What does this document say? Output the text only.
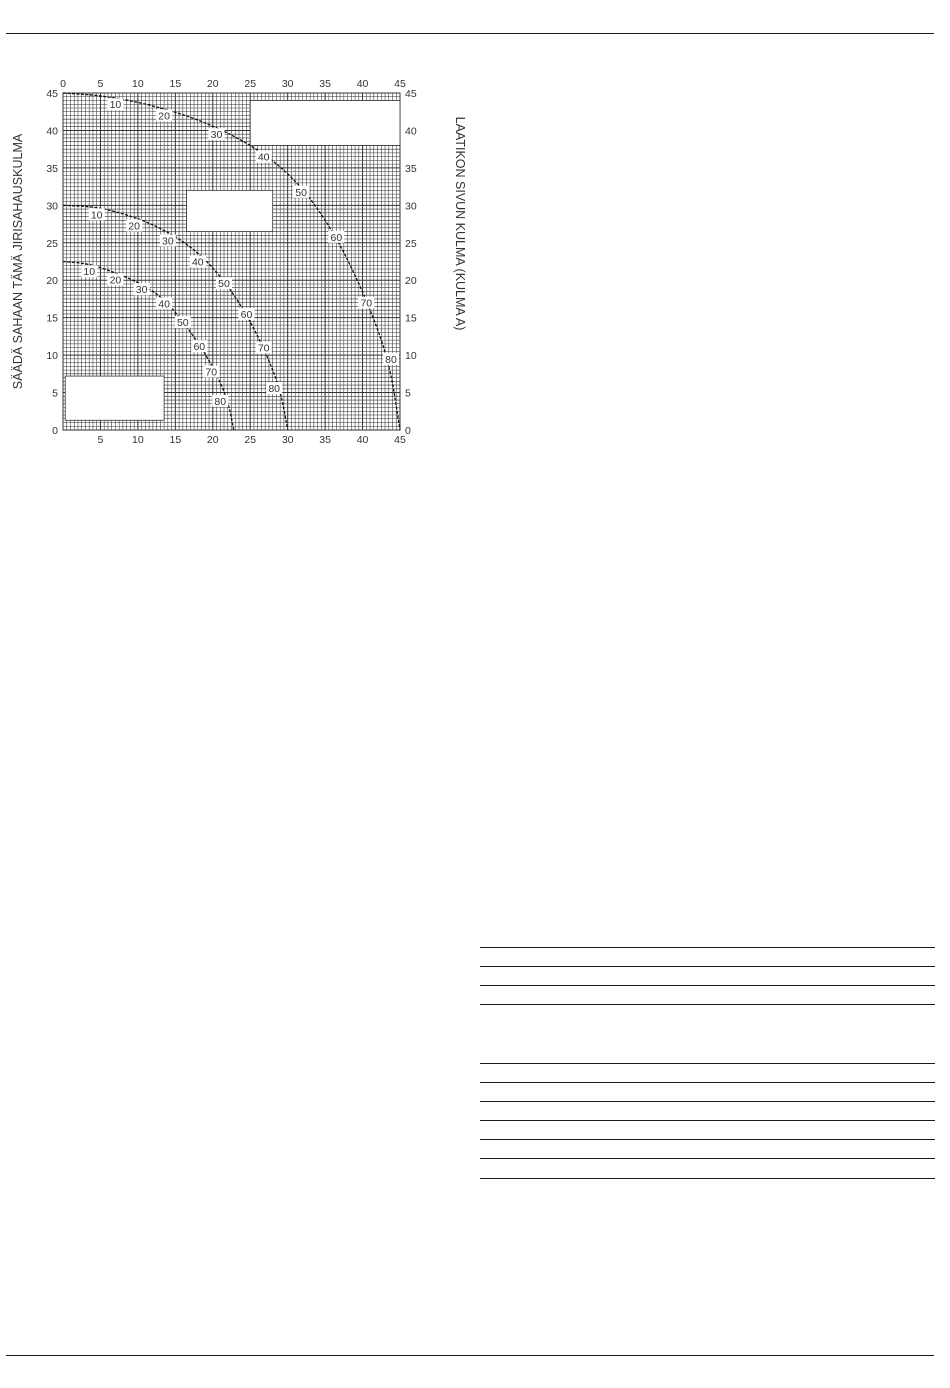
10
20
30
40
50
60
70
80
10
20
30
40
50
60
70
80
10
20
30
40
50
60
70
80
0	5	10 15 20 25 30 35 40 45
5	10 15 20 25 30 35 40 45
0	0
5	5
10	10
15	15
20	20
25	25
30	30
35	35
40	40
45	45
SÄÄDÄ SAHAAN TÄMÄ JIRISAHAUSKULMA	LAATIKON SIVUN KULMA (KULMA A)
